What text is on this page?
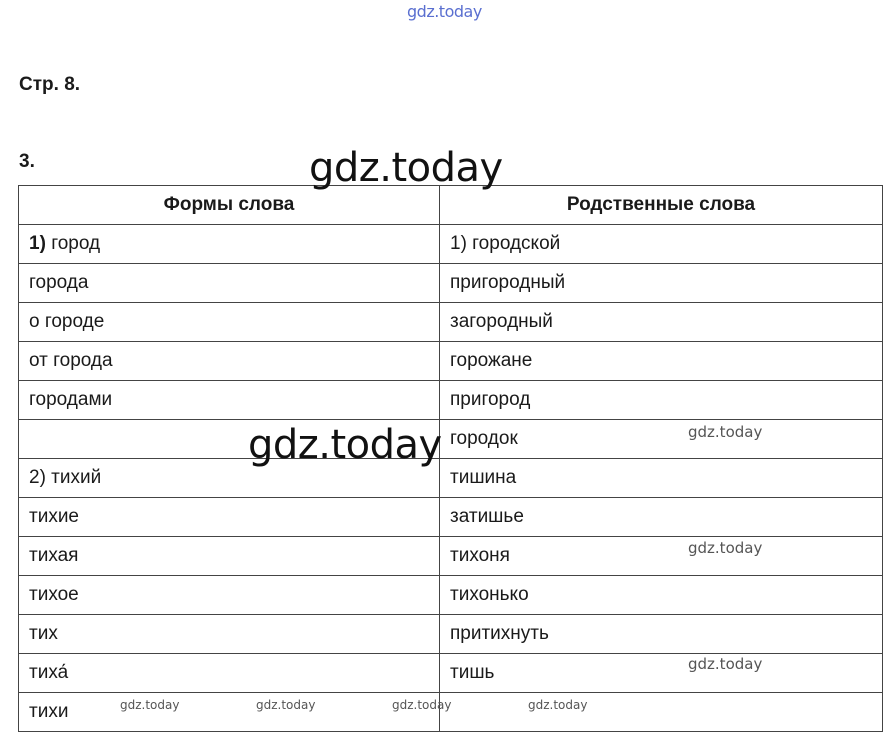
gdz.today
Стр. 8.
3.
Формы слова	Родственные слова
1) город	1) городской
города	пригородный
о городе	загородный
от города	горожане
городами	пригород
	городок
2) тихий	тишина
тихие	затишье
тихая	тихоня
тихое	тихонько
тих	притихнуть
тиха́	тишь
тихи	
gdz.today
gdz.today	gdz.today
gdz.today
gdz.today
gdz.today	gdz.today	gdz.today	gdz.today
